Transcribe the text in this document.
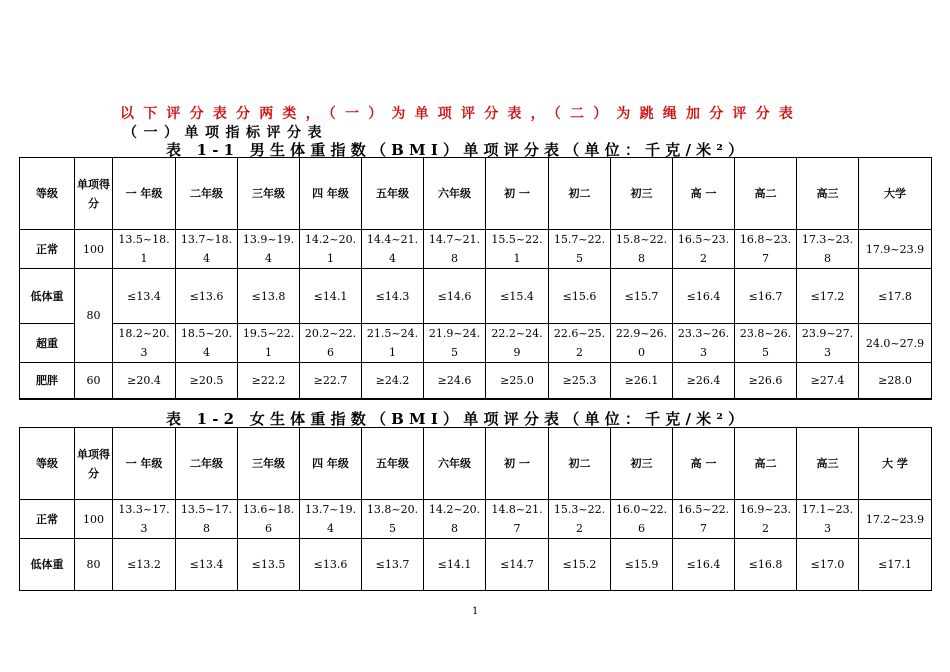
以下评分表分两类，（一）为单项评分表，（二）为跳绳加分评分表
（一）单项指标评分表
表 1-1 男生体重指数（BMI）单项评分表（单位：千克/米²）
等级	单项得分	一 年级	二年级	三年级	四 年级	五年级	六年级	初 一	初二	初三	高 一	高二	高三	大学
正常	100	13.5~18.1	13.7~18.4	13.9~19.4	14.2~20.1	14.4~21.4	14.7~21.8	15.5~22.1	15.7~22.5	15.8~22.8	16.5~23.2	16.8~23.7	17.3~23.8	17.9~23.9
低体重	80	≤13.4	≤13.6	≤13.8	≤14.1	≤14.3	≤14.6	≤15.4	≤15.6	≤15.7	≤16.4	≤16.7	≤17.2	≤17.8
超重		18.2~20.3	18.5~20.4	19.5~22.1	20.2~22.6	21.5~24.1	21.9~24.5	22.2~24.9	22.6~25.2	22.9~26.0	23.3~26.3	23.8~26.5	23.9~27.3	24.0~27.9
肥胖	60	≥20.4	≥20.5	≥22.2	≥22.7	≥24.2	≥24.6	≥25.0	≥25.3	≥26.1	≥26.4	≥26.6	≥27.4	≥28.0
表 1-2 女生体重指数（BMI）单项评分表（单位：千克/米²）
等级	单项得分	一 年级	二年级	三年级	四 年级	五年级	六年级	初 一	初二	初三	高 一	高二	高三	大 学
正常	100	13.3~17.3	13.5~17.8	13.6~18.6	13.7~19.4	13.8~20.5	14.2~20.8	14.8~21.7	15.3~22.2	16.0~22.6	16.5~22.7	16.9~23.2	17.1~23.3	17.2~23.9
低体重	80	≤13.2	≤13.4	≤13.5	≤13.6	≤13.7	≤14.1	≤14.7	≤15.2	≤15.9	≤16.4	≤16.8	≤17.0	≤17.1
1
